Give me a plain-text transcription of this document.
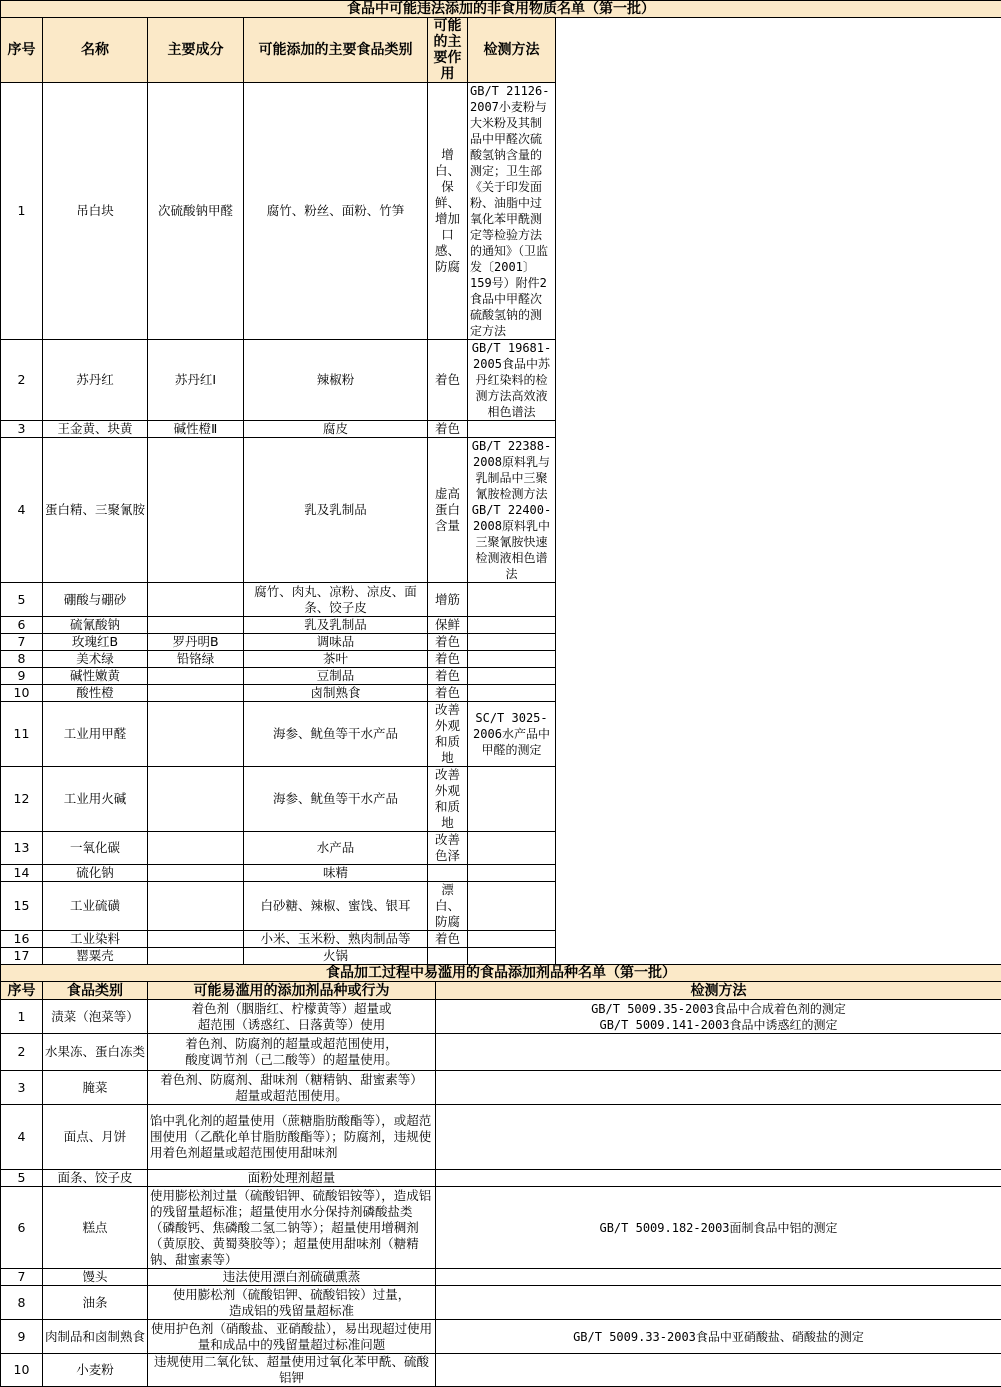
食品中可能违法添加的非食用物质名单（第一批）						
序号	名称	主要成分	可能添加的主要食品类别	可能的主要作用		检测方法
1	吊白块	次硫酸钠甲醛	腐竹、粉丝、面粉、竹笋	增白、保鲜、增加口感、防腐		GB/T 21126-2007小麦粉与大米粉及其制品中甲醛次硫酸氢钠含量的测定；卫生部《关于印发面粉、油脂中过氧化苯甲酰测定等检验方法的通知》（卫监发〔2001〕159号）附件2食品中甲醛次硫酸氢钠的测定方法
2	苏丹红	苏丹红I	辣椒粉	着色		GB/T 19681-2005食品中苏丹红染料的检测方法高效液相色谱法
3	王金黄、块黄	碱性橙Ⅱ	腐皮	着色		
4	蛋白精、三聚氰胺		乳及乳制品	虚高蛋白含量		GB/T 22388-2008原料乳与乳制品中三聚氰胺检测方法
GB/T 22400-2008原料乳中三聚氰胺快速检测液相色谱法
5	硼酸与硼砂		腐竹、肉丸、凉粉、凉皮、面条、饺子皮	增筋		
6	硫氰酸钠		乳及乳制品	保鲜		
7	玫瑰红B	罗丹明B	调味品	着色		
8	美术绿	铅铬绿	茶叶	着色		
9	碱性嫩黄		豆制品	着色		
10	酸性橙		卤制熟食	着色		
11	工业用甲醛		海参、鱿鱼等干水产品	改善外观和质地		SC/T 3025-2006水产品中甲醛的测定
12	工业用火碱		海参、鱿鱼等干水产品	改善外观和质地		
13	一氧化碳		水产品	改善色泽		
14	硫化钠		味精			
15	工业硫磺		白砂糖、辣椒、蜜饯、银耳	漂白、防腐		
16	工业染料		小米、玉米粉、熟肉制品等	着色		
17	罂粟壳		火锅			
食品加工过程中易滥用的食品添加剂品种名单（第一批）						
序号	食品类别	可能易滥用的添加剂品种或行为			检测方法	
1	渍菜（泡菜等）	着色剂（胭脂红、柠檬黄等）超量或
超范围（诱惑红、日落黄等）使用			GB/T 5009.35-2003食品中合成着色剂的测定
GB/T 5009.141-2003食品中诱惑红的测定	
2	水果冻、蛋白冻类	着色剂、防腐剂的超量或超范围使用，
酸度调节剂（己二酸等）的超量使用。				
3	腌菜	着色剂、防腐剂、甜味剂（糖精钠、甜蜜素等）
超量或超范围使用。				
4	面点、月饼	馅中乳化剂的超量使用（蔗糖脂肪酸酯等），或超范围使用（乙酰化单甘脂肪酸酯等）；防腐剂，违规使用着色剂超量或超范围使用甜味剂				
5	面条、饺子皮	面粉处理剂超量				
6	糕点	使用膨松剂过量（硫酸铝钾、硫酸铝铵等），造成铝的残留量超标准；超量使用水分保持剂磷酸盐类（磷酸钙、焦磷酸二氢二钠等）；超量使用增稠剂（黄原胶、黄蜀葵胶等）；超量使用甜味剂（糖精钠、甜蜜素等）			GB/T 5009.182-2003面制食品中铝的测定	
7	馒头	违法使用漂白剂硫磺熏蒸				
8	油条	使用膨松剂（硫酸铝钾、硫酸铝铵）过量，
造成铝的残留量超标准				
9	肉制品和卤制熟食	使用护色剂（硝酸盐、亚硝酸盐），易出现超过使用量和成品中的残留量超过标准问题			GB/T 5009.33-2003食品中亚硝酸盐、硝酸盐的测定	
10	小麦粉	违规使用二氧化钛、超量使用过氧化苯甲酰、硫酸铝钾				
